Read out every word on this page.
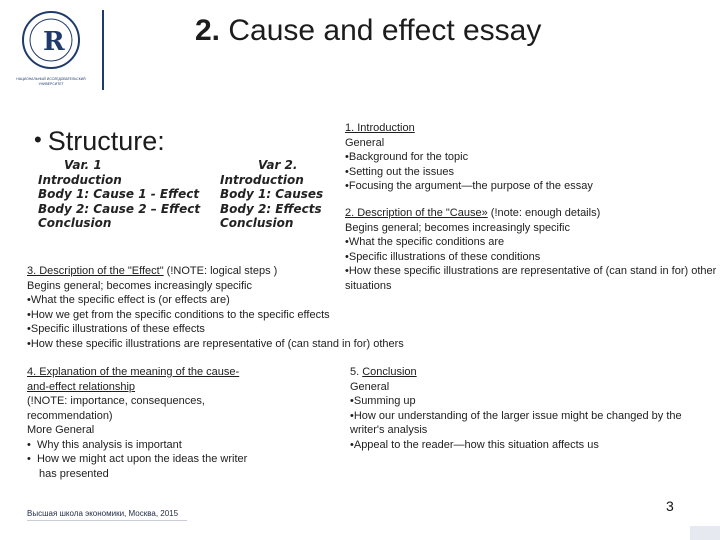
R
НАЦИОНАЛЬНЫЙ ИССЛЕДОВАТЕЛЬСКИЙ
УНИВЕРСИТЕТ
2. Cause and effect essay
• Structure:
Var. 1
Introduction
Body 1: Cause 1 - Effect
Body 2: Cause 2 – Effect
Conclusion
Var 2.
Introduction
Body 1: Causes
Body 2: Effects
Conclusion
1. Introduction
General
•Background for the topic
•Setting out the issues
•Focusing the argument—the purpose of the essay
2. Description of the "Cause» (!note: enough details)
Begins general; becomes increasingly specific
•What the specific conditions are
•Specific illustrations of these conditions
•How these specific illustrations are representative of (can stand in for) other situations
3. Description of the "Effect" (!NOTE: logical steps )
Begins general; becomes increasingly specific
•What the specific effect is (or effects are)
•How we get from the specific conditions to the specific effects
•Specific illustrations of these effects
•How these specific illustrations are representative of (can stand in for) others
4. Explanation of the meaning of the cause-and-effect relationship
(!NOTE: importance, consequences, recommendation)
More General
•  Why this analysis is important
•  How we might act upon the ideas the writer has presented
5. Conclusion
General
•Summing up
•How our understanding of the larger issue might be changed by the writer's analysis
•Appeal to the reader—how this situation affects us
Высшая школа экономики, Москва, 2015	3
